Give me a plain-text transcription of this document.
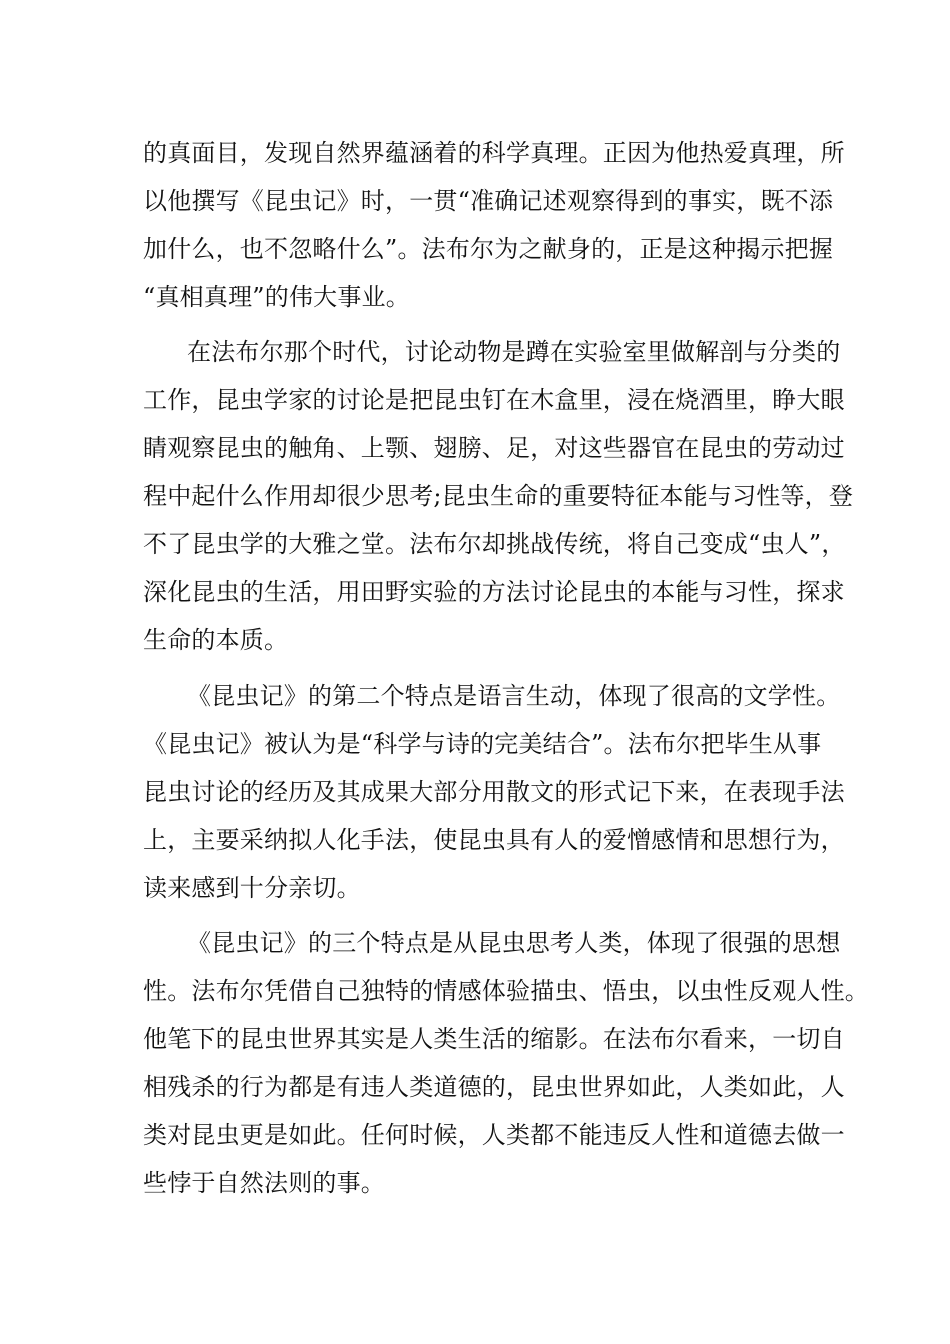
的真面目，发现自然界蕴涵着的科学真理。正因为他热爱真理，所
以他撰写《昆虫记》时，一贯“准确记述观察得到的事实，既不添
加什么，也不忽略什么”。法布尔为之献身的，正是这种揭示把握
“真相真理”的伟大事业。
在法布尔那个时代，讨论动物是蹲在实验室里做解剖与分类的
工作，昆虫学家的讨论是把昆虫钉在木盒里，浸在烧酒里，睁大眼
睛观察昆虫的触角、上颚、翅膀、足，对这些器官在昆虫的劳动过
程中起什么作用却很少思考;昆虫生命的重要特征本能与习性等，登
不了昆虫学的大雅之堂。法布尔却挑战传统，将自己变成“虫人”，
深化昆虫的生活，用田野实验的方法讨论昆虫的本能与习性，探求
生命的本质。
《昆虫记》的第二个特点是语言生动，体现了很高的文学性。
《昆虫记》被认为是“科学与诗的完美结合”。法布尔把毕生从事
昆虫讨论的经历及其成果大部分用散文的形式记下来，在表现手法
上，主要采纳拟人化手法，使昆虫具有人的爱憎感情和思想行为，
读来感到十分亲切。
《昆虫记》的三个特点是从昆虫思考人类，体现了很强的思想
性。法布尔凭借自己独特的情感体验描虫、悟虫，以虫性反观人性。
他笔下的昆虫世界其实是人类生活的缩影。在法布尔看来，一切自
相残杀的行为都是有违人类道德的，昆虫世界如此，人类如此，人
类对昆虫更是如此。任何时候，人类都不能违反人性和道德去做一
些悖于自然法则的事。
